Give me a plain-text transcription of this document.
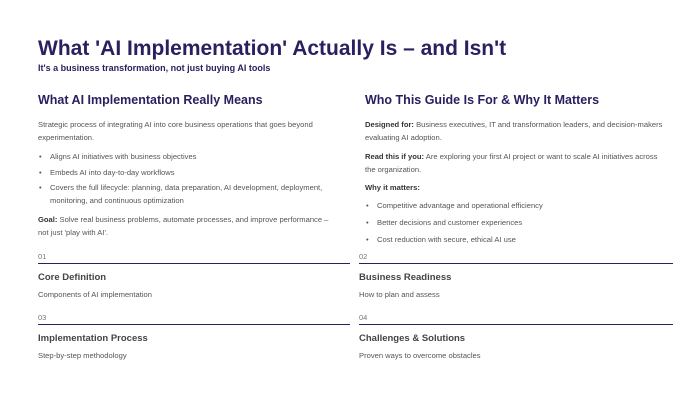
What 'AI Implementation' Actually Is – and Isn't
It's a business transformation, not just buying AI tools
What AI Implementation Really Means

Strategic process of integrating AI into core business operations that goes beyond experimentation.

• Aligns AI initiatives with business objectives
• Embeds AI into day-to-day workflows
• Covers the full lifecycle: planning, data preparation, AI development, deployment, monitoring, and continuous optimization

Goal: Solve real business problems, automate processes, and improve performance – not just 'play with AI'.

Who This Guide Is For & Why It Matters

Designed for: Business executives, IT and transformation leaders, and decision-makers evaluating AI adoption.

Read this if you: Are exploring your first AI project or want to scale AI initiatives across the organization.

Why it matters:
• Competitive advantage and operational efficiency
• Better decisions and customer experiences
• Cost reduction with secure, ethical AI use
01
Core Definition
Components of AI implementation
02
Business Readiness
How to plan and assess
03
Implementation Process
Step-by-step methodology
04
Challenges & Solutions
Proven ways to overcome obstacles
